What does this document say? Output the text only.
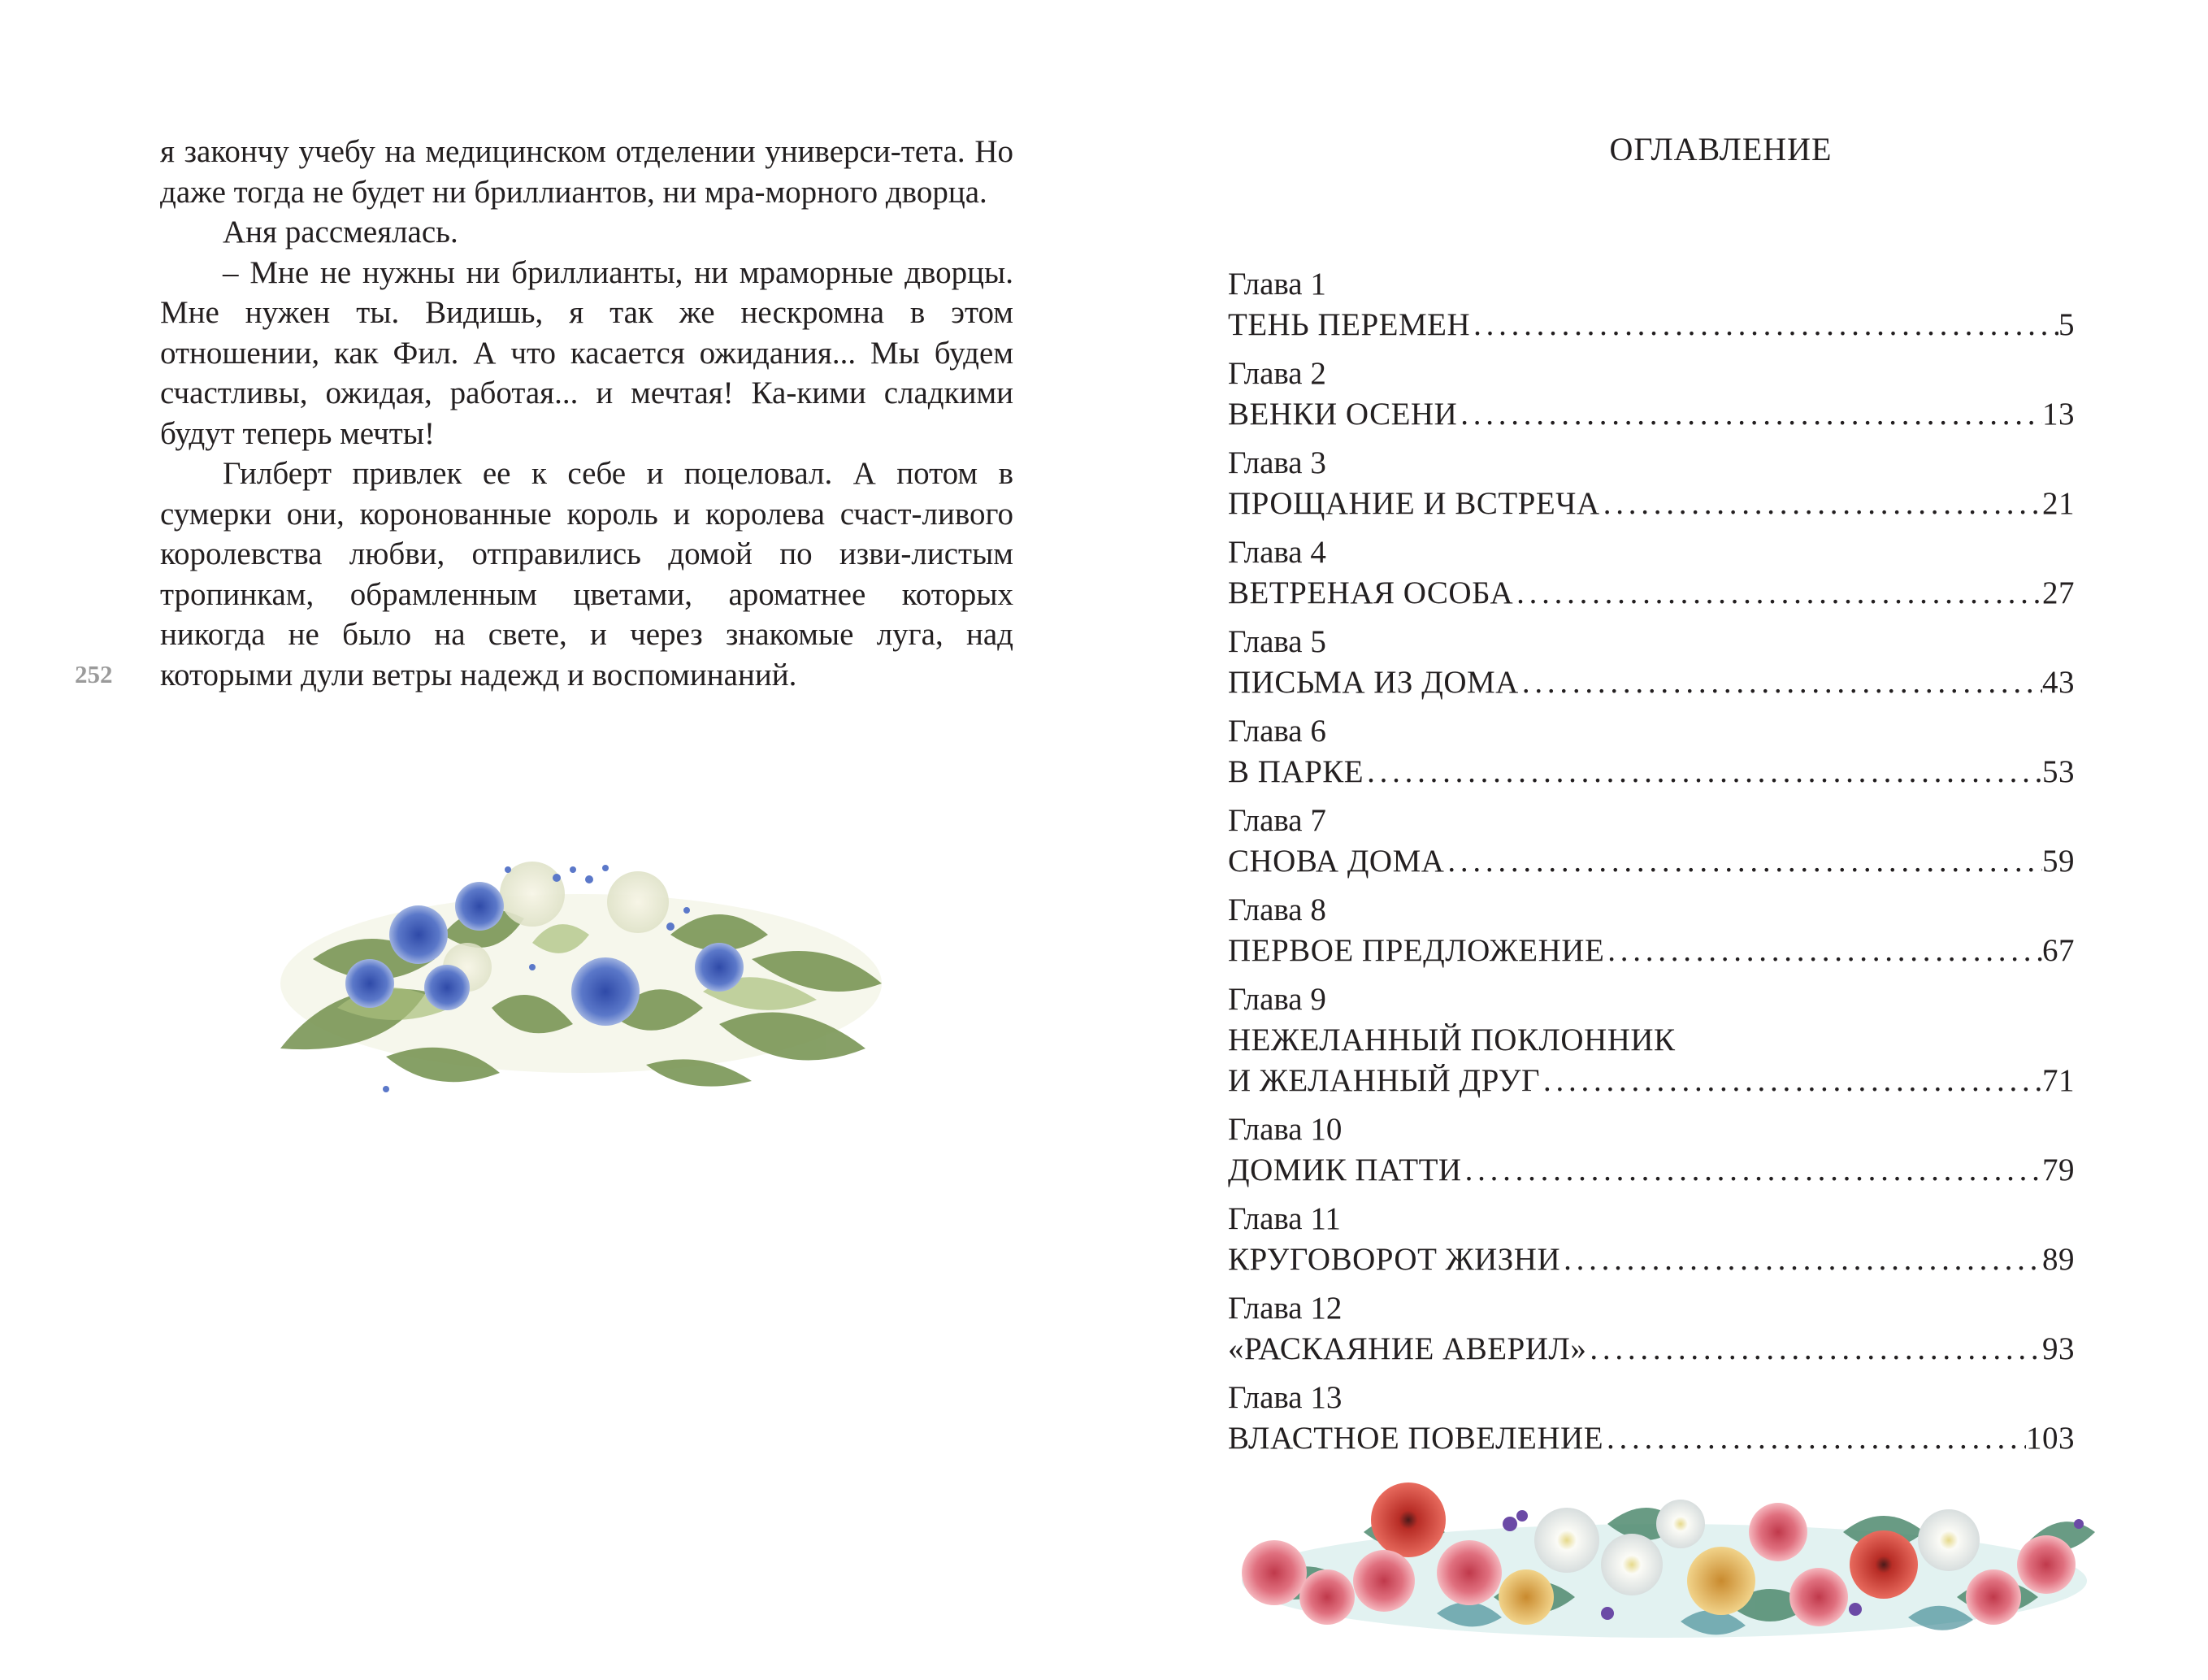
я закончу учебу на медицинском отделении универси-тета. Но даже тогда не будет ни бриллиантов, ни мра-морного дворца.

Аня рассмеялась.

– Мне не нужны ни бриллианты, ни мраморные дворцы. Мне нужен ты. Видишь, я так же нескромна в этом отношении, как Фил. А что касается ожидания... Мы будем счастливы, ожидая, работая... и мечтая! Ка-кими сладкими будут теперь мечты!

Гилберт привлек ее к себе и поцеловал. А потом в сумерки они, коронованные король и королева счаст-ливого королевства любви, отправились домой по изви-листым тропинкам, обрамленным цветами, ароматнее которых никогда не было на свете, и через знакомые луга, над которыми дули ветры надежд и воспоминаний.

252
ОГЛАВЛЕНИЕ
Глава 1
ТЕНЬ ПЕРЕМЕН . . .	5
Глава 2
ВЕНКИ ОСЕНИ . . .	13
Глава 3
ПРОЩАНИЕ И ВСТРЕЧА . . .	21
Глава 4
ВЕТРЕНАЯ ОСОБА . . .	27
Глава 5
ПИСЬМА ИЗ ДОМА . . .	43
Глава 6
В ПАРКЕ . . .	53
Глава 7
СНОВА ДОМА . . .	59
Глава 8
ПЕРВОЕ ПРЕДЛОЖЕНИЕ . . .	67
Глава 9
НЕЖЕЛАННЫЙ ПОКЛОННИК
И ЖЕЛАННЫЙ ДРУГ . . .	71
Глава 10
ДОМИК ПАТТИ . . .	79
Глава 11
КРУГОВОРОТ ЖИЗНИ . . .	89
Глава 12
«РАСКАЯНИЕ АВЕРИЛ» . . .	93
Глава 13
ВЛАСТНОЕ ПОВЕЛЕНИЕ . . .	103
